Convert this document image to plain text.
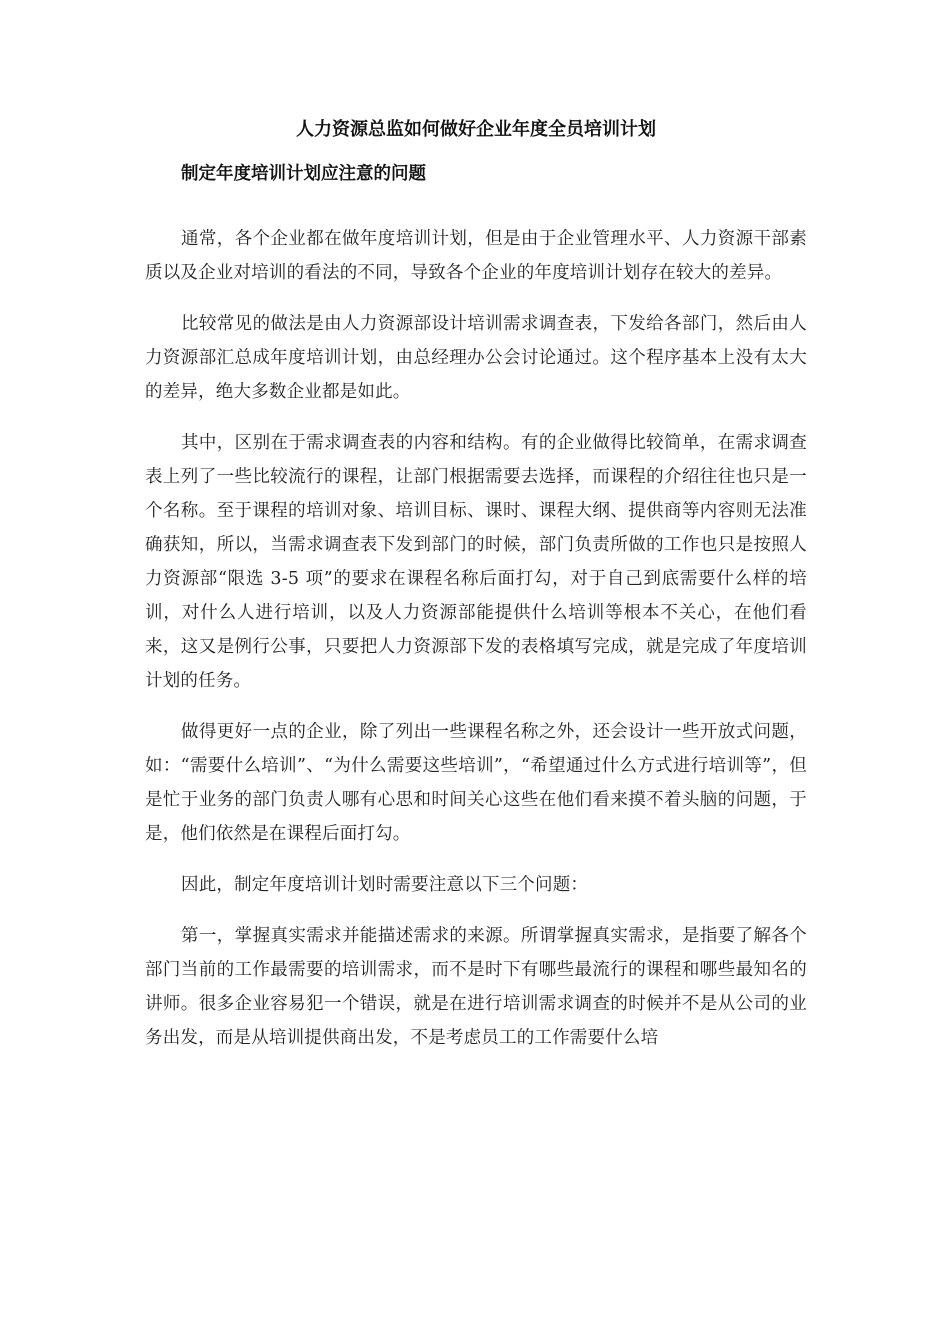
人力资源总监如何做好企业年度全员培训计划
制定年度培训计划应注意的问题

通常，各个企业都在做年度培训计划，但是由于企业管理水平、人力资源干部素质以及企业对培训的看法的不同，导致各个企业的年度培训计划存在较大的差异。

比较常见的做法是由人力资源部设计培训需求调查表，下发给各部门，然后由人力资源部汇总成年度培训计划，由总经理办公会讨论通过。这个程序基本上没有太大的差异，绝大多数企业都是如此。

其中，区别在于需求调查表的内容和结构。有的企业做得比较简单，在需求调查表上列了一些比较流行的课程，让部门根据需要去选择，而课程的介绍往往也只是一个名称。至于课程的培训对象、培训目标、课时、课程大纲、提供商等内容则无法准确获知，所以，当需求调查表下发到部门的时候，部门负责所做的工作也只是按照人力资源部“限选 3-5 项”的要求在课程名称后面打勾，对于自己到底需要什么样的培训，对什么人进行培训，以及人力资源部能提供什么培训等根本不关心，在他们看来，这又是例行公事，只要把人力资源部下发的表格填写完成，就是完成了年度培训计划的任务。

做得更好一点的企业，除了列出一些课程名称之外，还会设计一些开放式问题，如：“需要什么培训”、“为什么需要这些培训”，“希望通过什么方式进行培训等”，但是忙于业务的部门负责人哪有心思和时间关心这些在他们看来摸不着头脑的问题，于是，他们依然是在课程后面打勾。

因此，制定年度培训计划时需要注意以下三个问题：

第一，掌握真实需求并能描述需求的来源。所谓掌握真实需求，是指要了解各个部门当前的工作最需要的培训需求，而不是时下有哪些最流行的课程和哪些最知名的讲师。很多企业容易犯一个错误，就是在进行培训需求调查的时候并不是从公司的业务出发，而是从培训提供商出发，不是考虑员工的工作需要什么培
